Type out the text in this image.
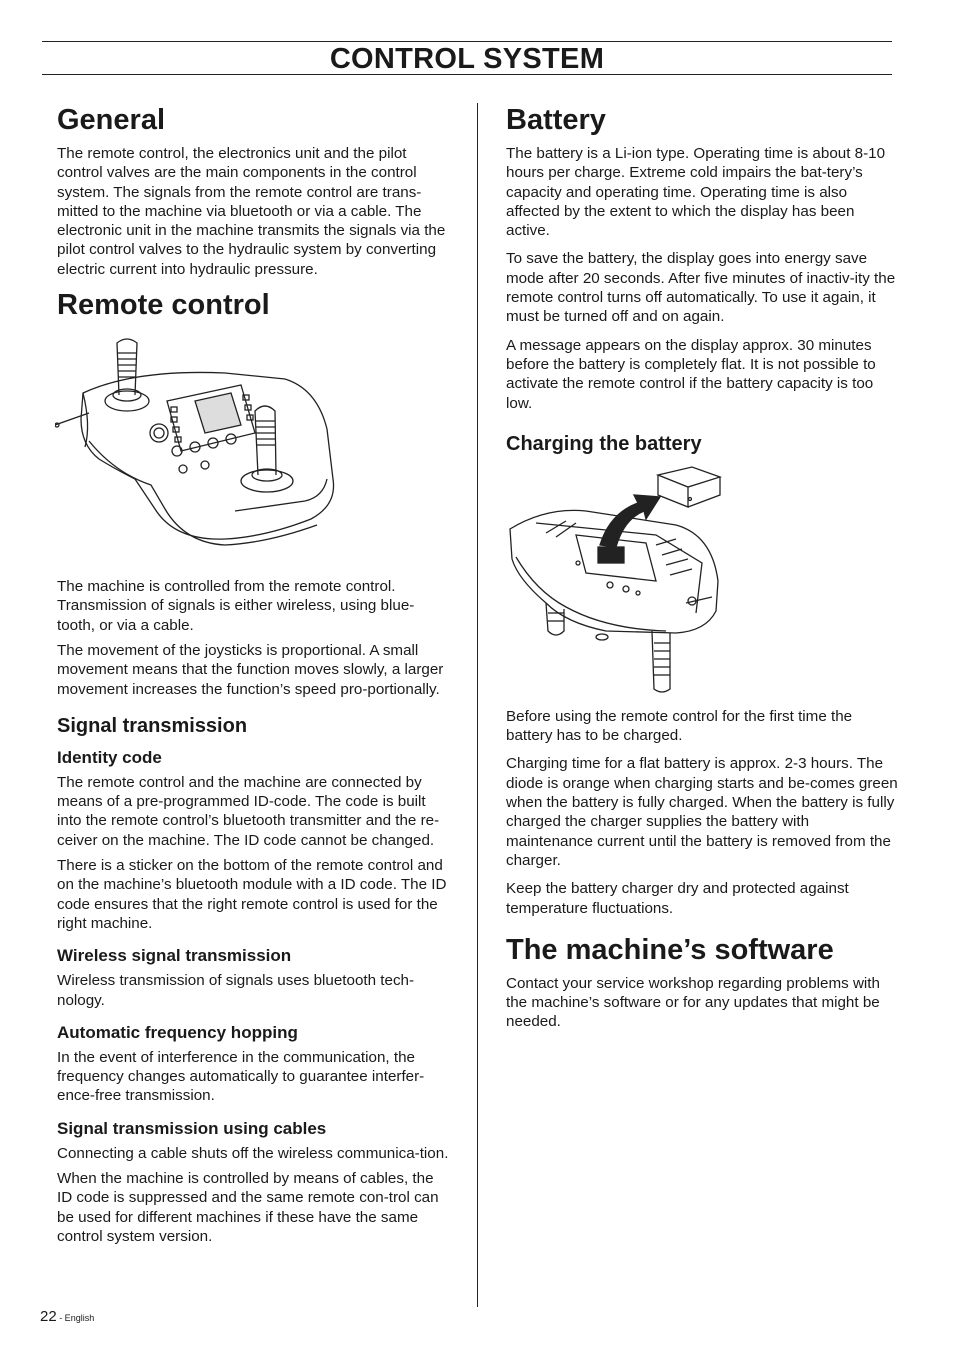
CONTROL SYSTEM
General

The remote control, the electronics unit and the pilot control valves are the main components in the control system. The signals from the remote control are trans-mitted to the machine via bluetooth or via a cable. The electronic unit in the machine transmits the signals via the pilot control valves to the hydraulic system by converting electric current into hydraulic pressure.

Remote control

The machine is controlled from the remote control. Transmission of signals is either wireless, using blue-tooth, or via a cable.

The movement of the joysticks is proportional. A small movement means that the function moves slowly, a larger movement increases the function’s speed pro-portionally.

Signal transmission
Identity code

The remote control and the machine are connected by means of a pre-programmed ID-code. The code is built into the remote control’s bluetooth transmitter and the re-ceiver on the machine. The ID code cannot be changed.

There is a sticker on the bottom of the remote control and on the machine’s bluetooth module with a ID code. The ID code ensures that the right remote control is used for the right machine.

Wireless signal transmission

Wireless transmission of signals uses bluetooth tech-nology.

Automatic frequency hopping

In the event of interference in the communication, the frequency changes automatically to guarantee interfer-ence-free transmission.

Signal transmission using cables

Connecting a cable shuts off the wireless communica-tion.

When the machine is controlled by means of cables, the ID code is suppressed and the same remote con-trol can be used for different machines if these have the same control system version.

Battery

The battery is a Li-ion type. Operating time is about 8-10 hours per charge. Extreme cold impairs the bat-tery’s capacity and operating time. Operating time is also affected by the extent to which the display has been active.

To save the battery, the display goes into energy save mode after 20 seconds. After five minutes of inactiv-ity the remote control turns off automatically. To use it again, it must be turned off and on again.

A message appears on the display approx. 30 minutes before the battery is completely flat. It is not possible to activate the remote control if the battery capacity is too low.

Charging the battery

Before using the remote control for the first time the battery has to be charged.

Charging time for a flat battery is approx. 2-3 hours. The diode is orange when charging starts and be-comes green when the battery is fully charged. When the battery is fully charged the charger supplies the battery with maintenance current until the battery is removed from the charger.

Keep the battery charger dry and protected against temperature fluctuations.

The machine’s software

Contact your service workshop regarding problems with the machine’s software or for any updates that might be needed.

22 - English
